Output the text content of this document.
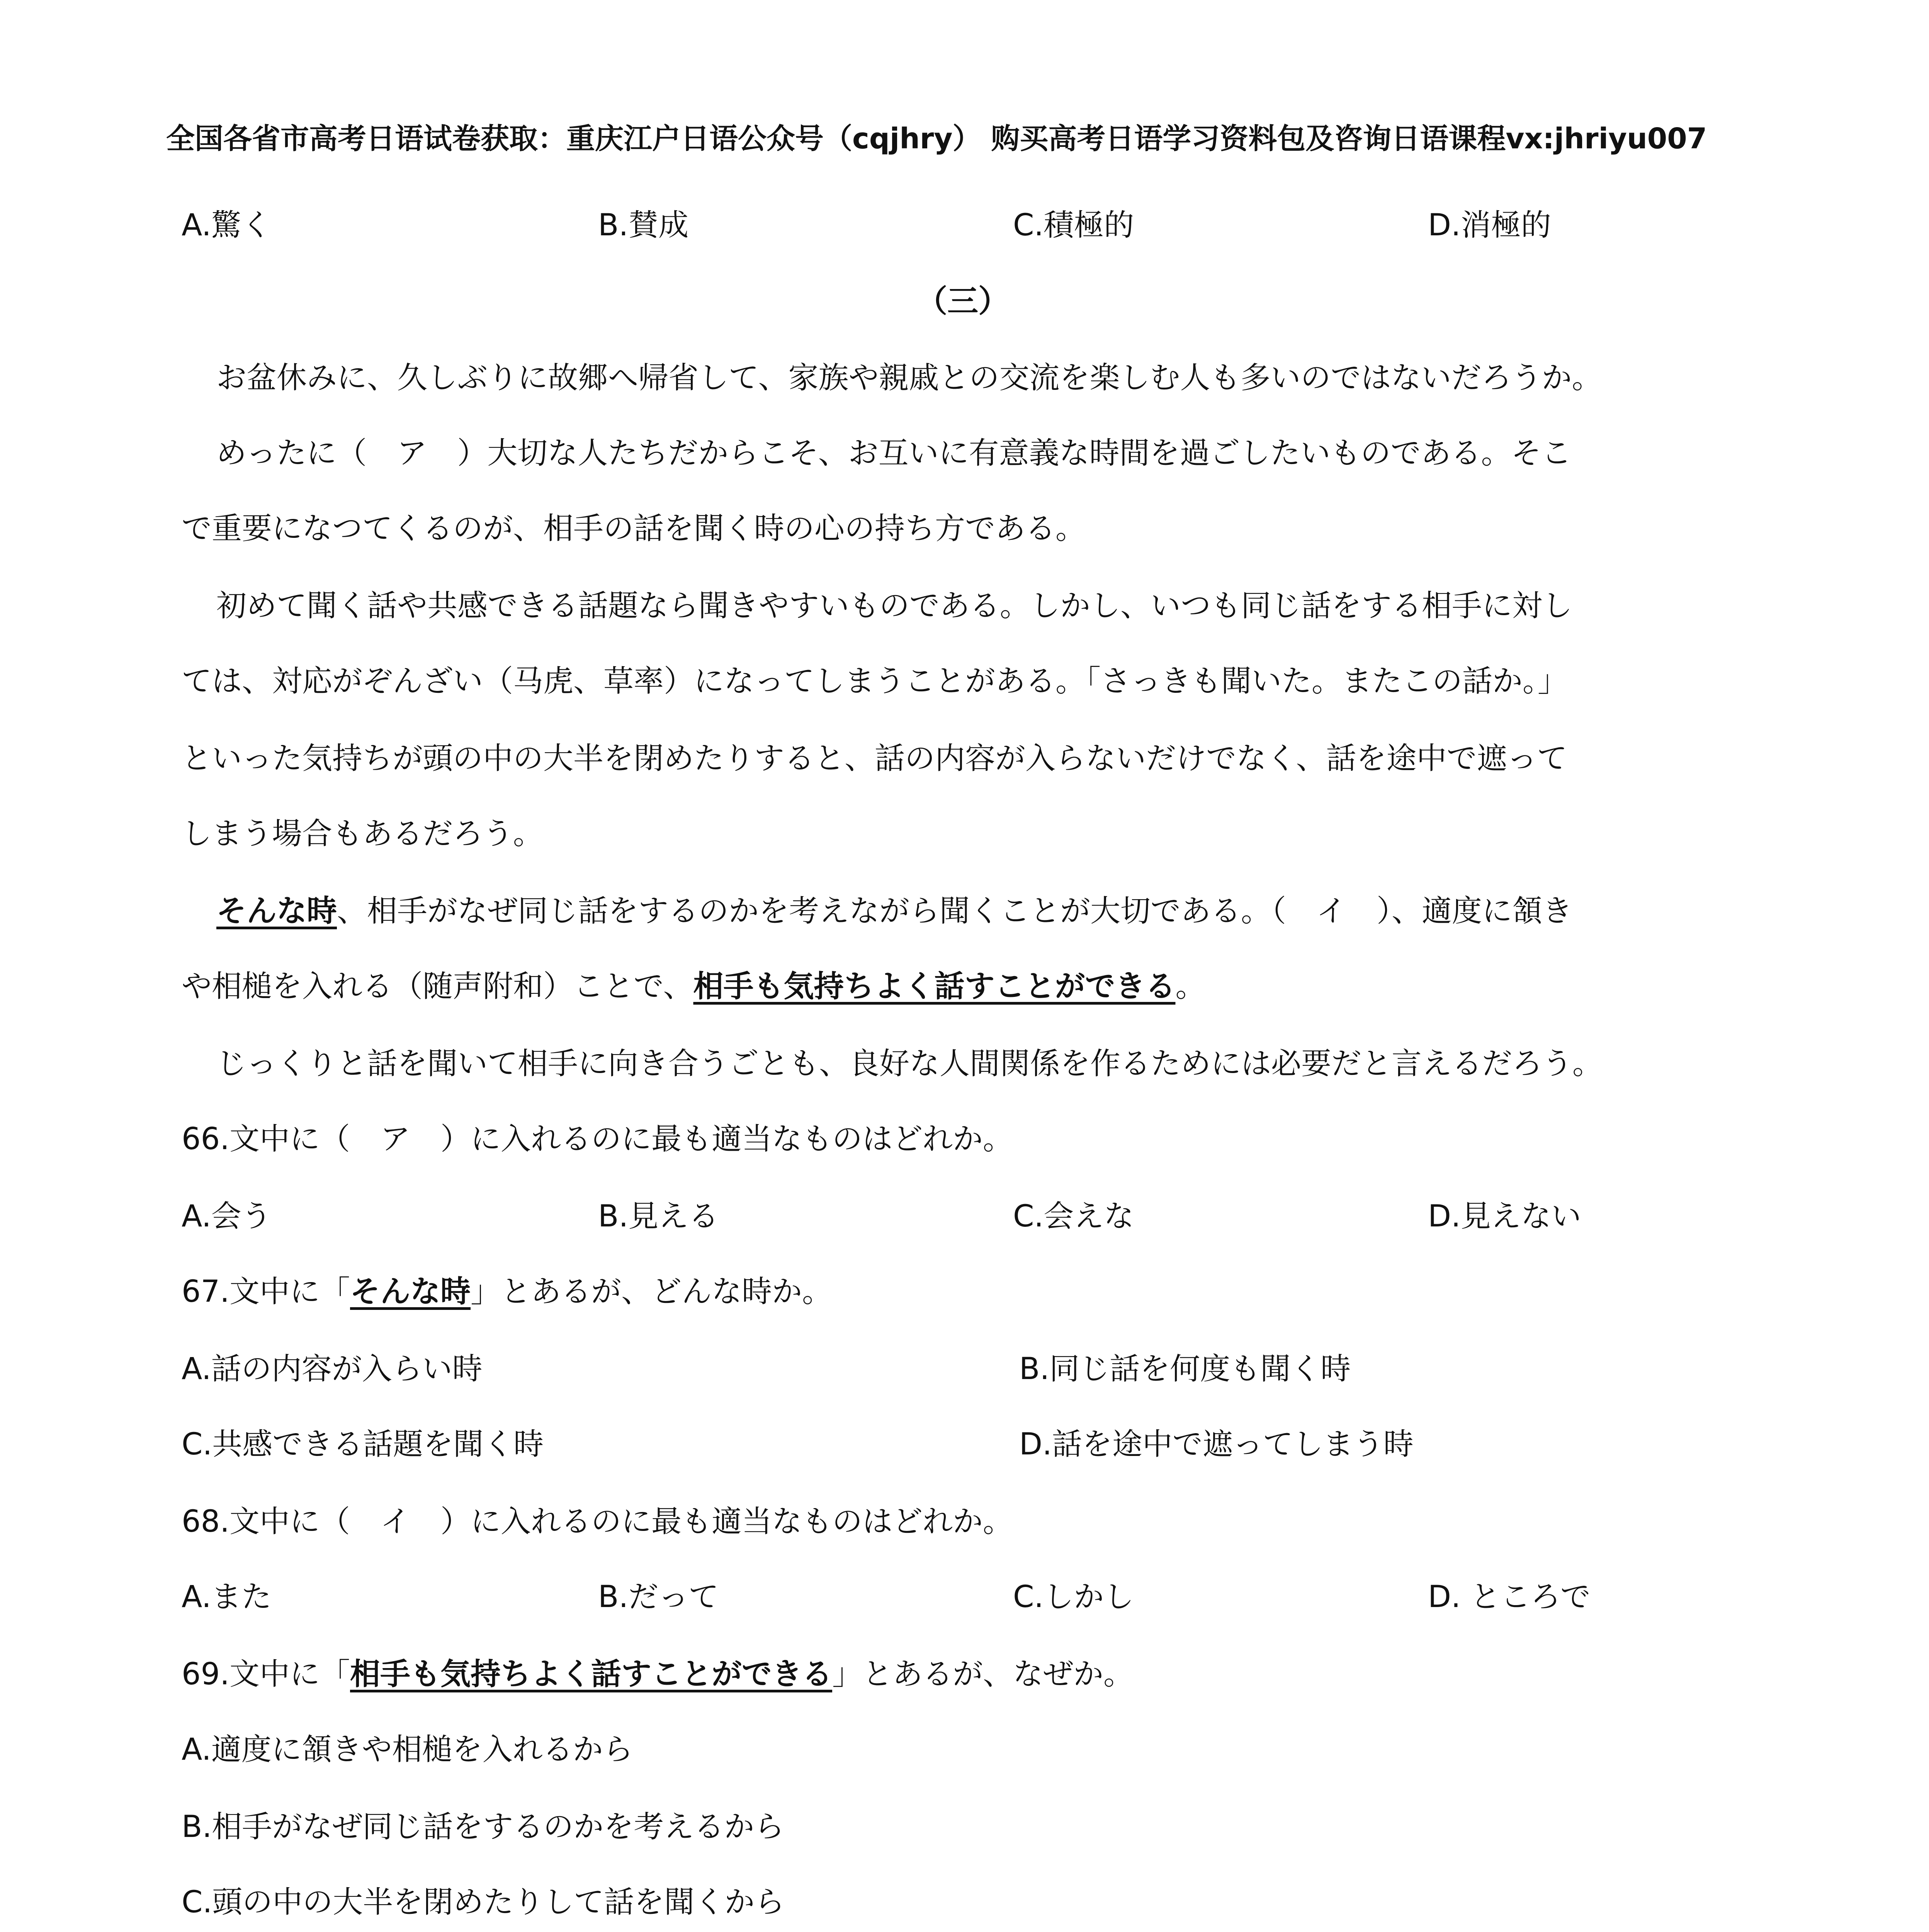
全国各省市高考日语试卷获取：重庆江户日语公众号（cqjhry） 购买高考日语学习资料包及咨询日语课程vx:jhriyu007
A.驚く	B.賛成	C.積極的	D.消極的
（三）
お盆休みに、久しぶりに故郷へ帰省して、家族や親戚との交流を楽しむ人も多いのではないだろうか。
めったに（　ア　）大切な人たちだからこそ、お互いに有意義な時間を過ごしたいものである。そこ
で重要になつてくるのが、相手の話を聞く時の心の持ち方である。
初めて聞く話や共感できる話題なら聞きやすいものである。しかし、いつも同じ話をする相手に対し
ては、対応がぞんざい（马虎、草率）になってしまうことがある。「さっきも聞いた。またこの話か。」
といった気持ちが頭の中の大半を閉めたりすると、話の内容が入らないだけでなく、話を途中で遮って
しまう場合もあるだろう。
そんな時、相手がなぜ同じ話をするのかを考えながら聞くことが大切である。（　イ　）、適度に頷き
や相槌を入れる（随声附和）ことで、相手も気持ちよく話すことができる。
じっくりと話を聞いて相手に向き合うごとも、良好な人間関係を作るためには必要だと言えるだろう。
66.文中に（　ア　）に入れるのに最も適当なものはどれか。
A.会う	B.見える	C.会えな	D.見えない
67.文中に「そんな時」とあるが、どんな時か。
A.話の内容が入らい時	B.同じ話を何度も聞く時
C.共感できる話題を聞く時	D.話を途中で遮ってしまう時
68.文中に（　イ　）に入れるのに最も適当なものはどれか。
A.また	B.だって	C.しかし	D. ところで
69.文中に「相手も気持ちよく話すことができる」とあるが、なぜか。
A.適度に頷きや相槌を入れるから
B.相手がなぜ同じ話をするのかを考えるから
C.頭の中の大半を閉めたりして話を聞くから
